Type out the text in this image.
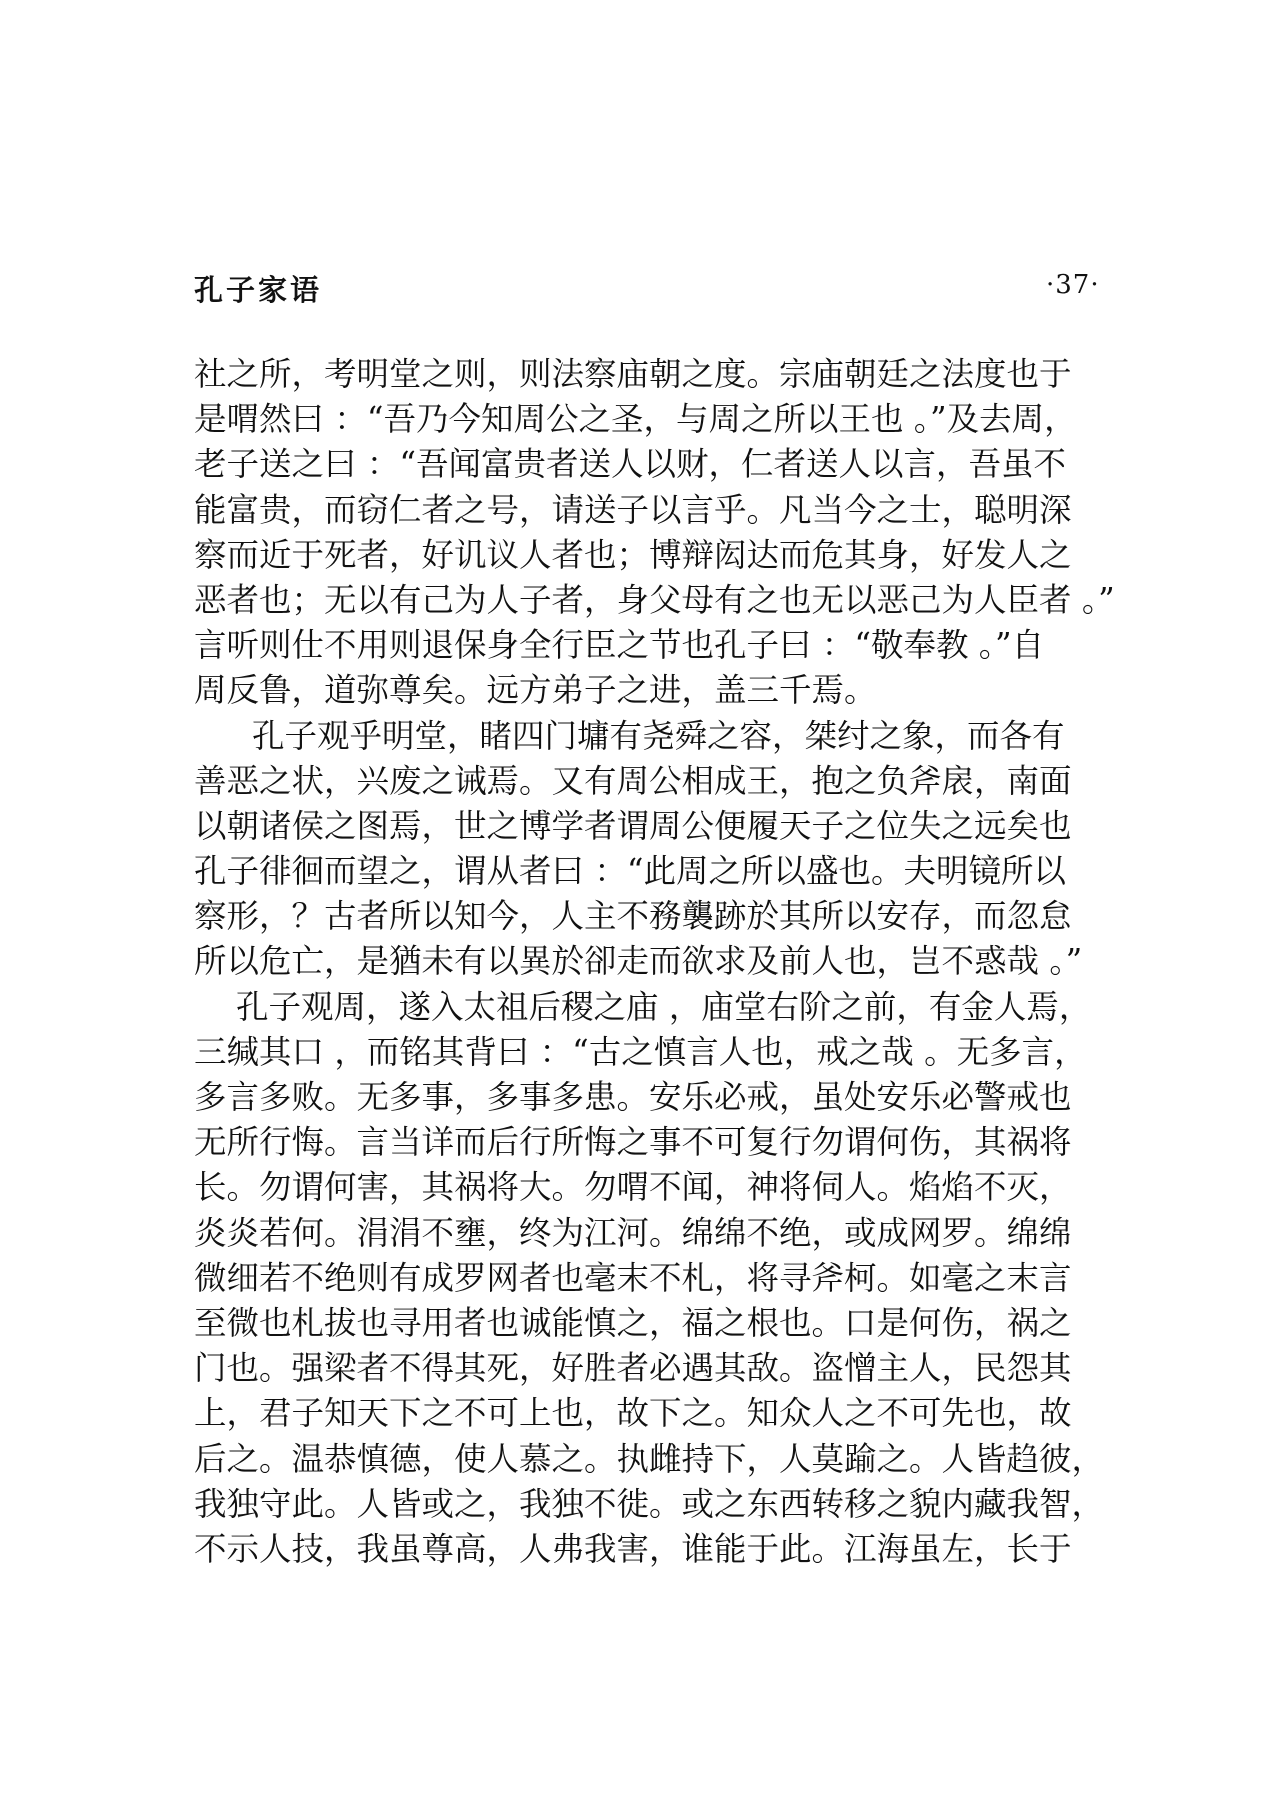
孔子家语	·37·
社之所，考明堂之则，则法察庙朝之度。宗庙朝廷之法度也于
是喟然曰 ：“吾乃今知周公之圣，与周之所以王也 。”及去周，
老子送之曰 ：“吾闻富贵者送人以财，仁者送人以言，吾虽不
能富贵，而窃仁者之号，请送子以言乎。凡当今之士，聪明深
察而近于死者，好讥议人者也；博辩闳达而危其身，好发人之
恶者也；无以有己为人子者，身父母有之也无以恶己为人臣者 。”
言听则仕不用则退保身全行臣之节也孔子曰 ：“敬奉教 。”自
周反鲁，道弥尊矣。远方弟子之进，盖三千焉。
孔子观乎明堂，睹四门墉有尧舜之容，桀纣之象，而各有
善恶之状，兴废之诫焉。又有周公相成王，抱之负斧扆，南面
以朝诸侯之图焉，世之博学者谓周公便履天子之位失之远矣也
孔子徘徊而望之，谓从者曰 ：“此周之所以盛也。夫明镜所以
察形，？古者所以知今，人主不務襲跡於其所以安存，而忽怠
所以危亡，是猶未有以異於卻走而欲求及前人也，岂不惑哉 。”
孔子观周，遂入太祖后稷之庙 ，庙堂右阶之前，有金人焉，
三缄其口 ，而铭其背曰 ：“古之慎言人也，戒之哉 。无多言，
多言多败。无多事，多事多患。安乐必戒，虽处安乐必警戒也
无所行悔。言当详而后行所悔之事不可复行勿谓何伤，其祸将
长。勿谓何害，其祸将大。勿喟不闻，神将伺人。焰焰不灭，
炎炎若何。涓涓不壅，终为江河。绵绵不绝，或成网罗。绵绵
微细若不绝则有成罗网者也毫末不札，将寻斧柯。如毫之末言
至微也札拔也寻用者也诚能慎之，福之根也。口是何伤，祸之
门也。强梁者不得其死，好胜者必遇其敌。盗憎主人，民怨其
上，君子知天下之不可上也，故下之。知众人之不可先也，故
后之。温恭慎德，使人慕之。执雌持下，人莫踰之。人皆趋彼，
我独守此。人皆或之，我独不徙。或之东西转移之貌内藏我智，
不示人技，我虽尊高，人弗我害，谁能于此。江海虽左，长于
